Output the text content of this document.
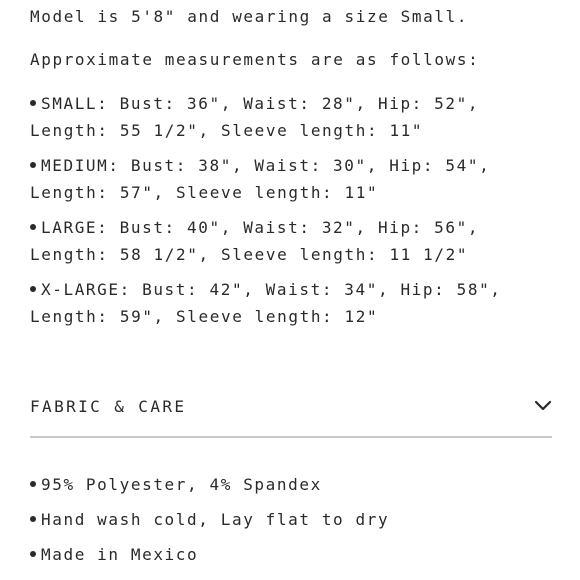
Model is 5'8" and wearing a size Small.

Approximate measurements are as follows:

SMALL: Bust: 36", Waist: 28", Hip: 52", Length: 55 1/2", Sleeve length: 11"
MEDIUM: Bust: 38", Waist: 30", Hip: 54", Length: 57", Sleeve length: 11"
LARGE: Bust: 40", Waist: 32", Hip: 56", Length: 58 1/2", Sleeve length: 11 1/2"
X-LARGE: Bust: 42", Waist: 34", Hip: 58", Length: 59", Sleeve length: 12"
FABRIC & CARE
95% Polyester, 4% Spandex
Hand wash cold, Lay flat to dry
Made in Mexico
